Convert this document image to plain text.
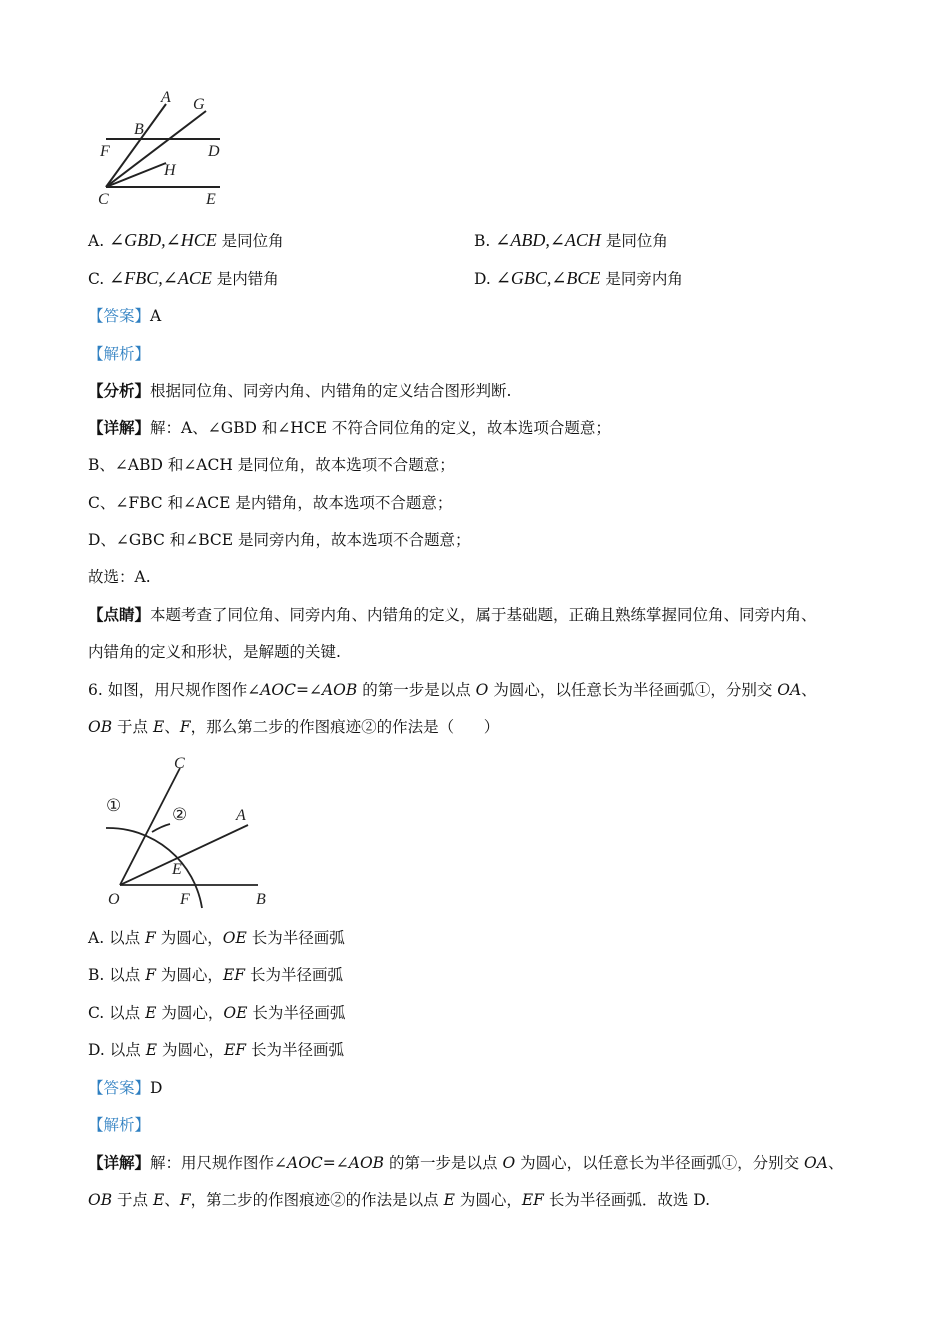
A G
B
F	D
H
C	E
A. ∠GBD,∠HCE 是同位角	B. ∠ABD,∠ACH 是同位角
C. ∠FBC,∠ACE 是内错角	D. ∠GBC,∠BCE 是同旁内角
【答案】A
【解析】
【分析】根据同位角、同旁内角、内错角的定义结合图形判断.
【详解】解：A、∠GBD 和∠HCE 不符合同位角的定义，故本选项合题意；
B、∠ABD 和∠ACH 是同位角，故本选项不合题意；
C、∠FBC 和∠ACE 是内错角，故本选项不合题意；
D、∠GBC 和∠BCE 是同旁内角，故本选项不合题意；
故选：A.
【点睛】本题考查了同位角、同旁内角、内错角的定义，属于基础题，正确且熟练掌握同位角、同旁内角、
内错角的定义和形状，是解题的关键.
6. 如图，用尺规作图作∠AOC=∠AOB 的第一步是以点 O 为圆心，以任意长为半径画弧①，分别交 OA、
OB 于点 E、F，那么第二步的作图痕迹②的作法是（ ）
C
①	②	A
E
O	F	B
A. 以点 F 为圆心，OE 长为半径画弧
B. 以点 F 为圆心，EF 长为半径画弧
C. 以点 E 为圆心，OE 长为半径画弧
D. 以点 E 为圆心，EF 长为半径画弧
【答案】D
【解析】
【详解】解：用尺规作图作∠AOC=∠AOB 的第一步是以点 O 为圆心，以任意长为半径画弧①，分别交 OA、
OB 于点 E、F，第二步的作图痕迹②的作法是以点 E 为圆心，EF 长为半径画弧．故选 D.
